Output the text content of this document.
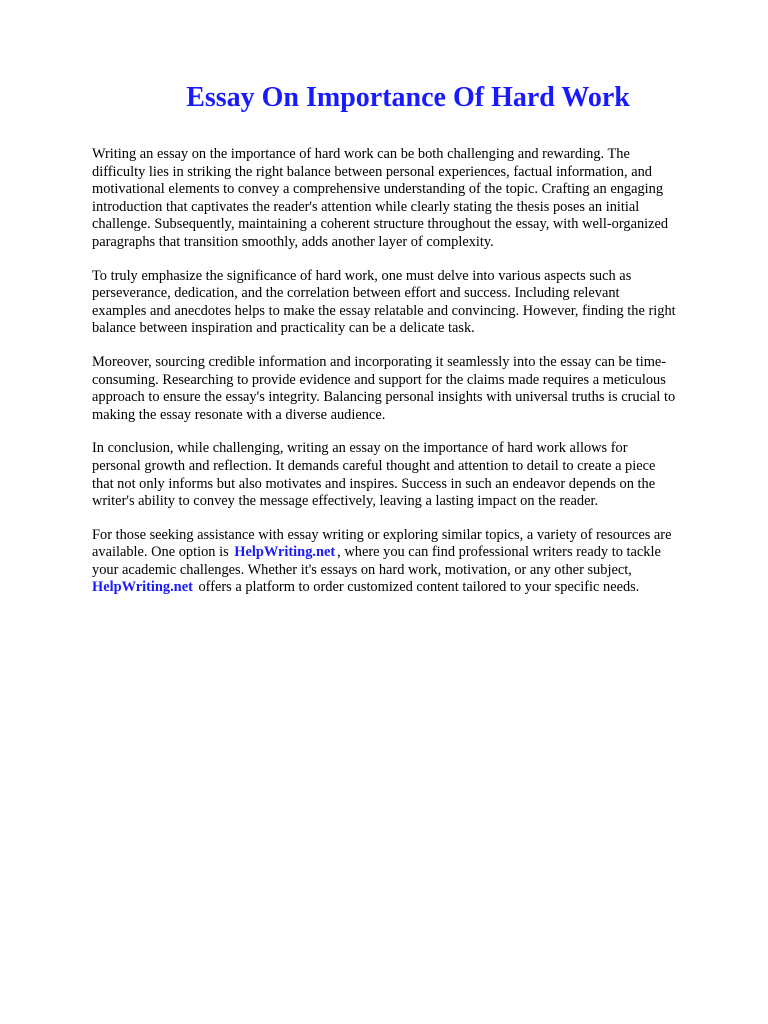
Essay On Importance Of Hard Work

Writing an essay on the importance of hard work can be both challenging and rewarding. The
difficulty lies in striking the right balance between personal experiences, factual information, and
motivational elements to convey a comprehensive understanding of the topic. Crafting an engaging
introduction that captivates the reader's attention while clearly stating the thesis poses an initial
challenge. Subsequently, maintaining a coherent structure throughout the essay, with well-organized
paragraphs that transition smoothly, adds another layer of complexity.

To truly emphasize the significance of hard work, one must delve into various aspects such as
perseverance, dedication, and the correlation between effort and success. Including relevant
examples and anecdotes helps to make the essay relatable and convincing. However, finding the right
balance between inspiration and practicality can be a delicate task.

Moreover, sourcing credible information and incorporating it seamlessly into the essay can be time-
consuming. Researching to provide evidence and support for the claims made requires a meticulous
approach to ensure the essay's integrity. Balancing personal insights with universal truths is crucial to
making the essay resonate with a diverse audience.

In conclusion, while challenging, writing an essay on the importance of hard work allows for
personal growth and reflection. It demands careful thought and attention to detail to create a piece
that not only informs but also motivates and inspires. Success in such an endeavor depends on the
writer's ability to convey the message effectively, leaving a lasting impact on the reader.

For those seeking assistance with essay writing or exploring similar topics, a variety of resources are
available. One option is HelpWriting.net , where you can find professional writers ready to tackle
your academic challenges. Whether it's essays on hard work, motivation, or any other subject,
HelpWriting.net offers a platform to order customized content tailored to your specific needs.
